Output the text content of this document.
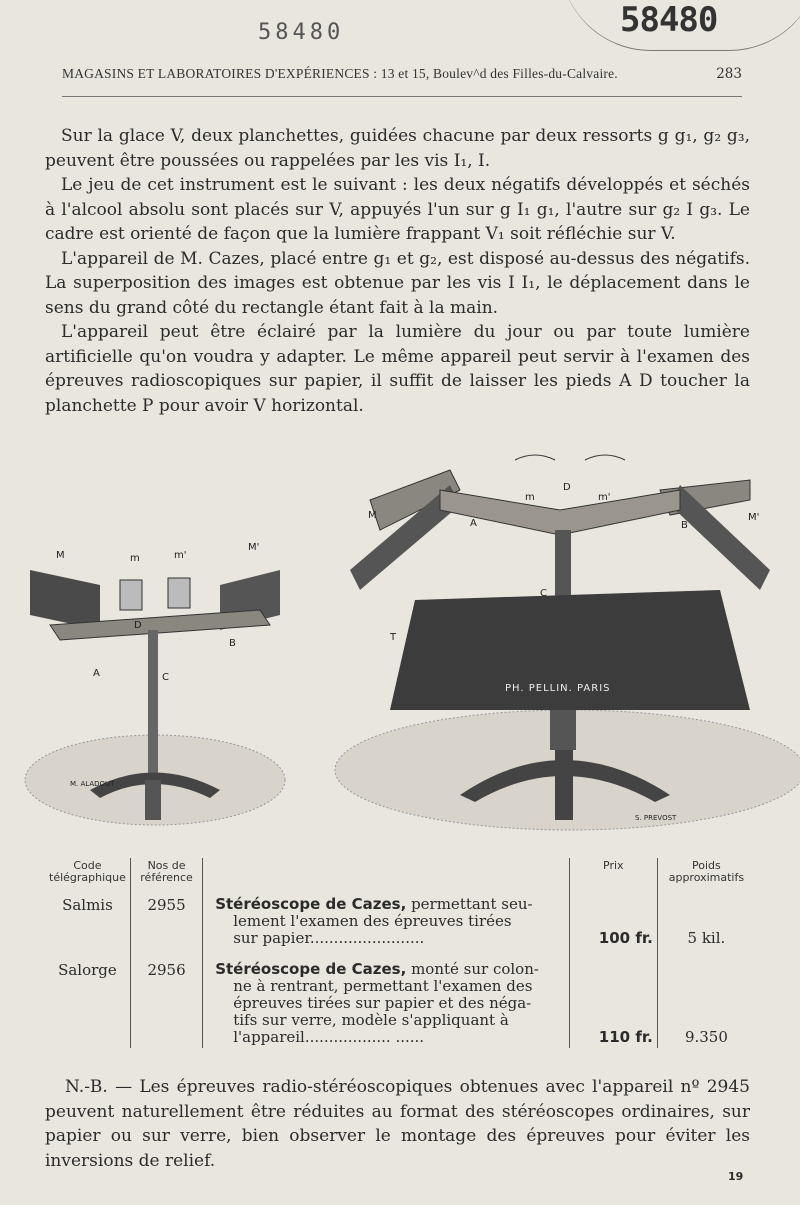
58480	58480
MAGASINS ET LABORATOIRES D'EXPÉRIENCES : 13 et 15, Boulev^d des Filles-du-Calvaire.	283

Sur la glace V, deux planchettes, guidées chacune par deux ressorts g g₁, g₂ g₃, peuvent être poussées ou rappelées par les vis I₁, I.

Le jeu de cet instrument est le suivant : les deux négatifs développés et séchés à l'alcool absolu sont placés sur V, appuyés l'un sur g I₁ g₁, l'autre sur g₂ I g₃. Le cadre est orienté de façon que la lumière frappant V₁ soit réfléchie sur V.

L'appareil de M. Cazes, placé entre g₁ et g₂, est disposé au-dessus des négatifs. La superposition des images est obtenue par les vis I I₁, le déplacement dans le sens du grand côté du rectangle étant fait à la main.

L'appareil peut être éclairé par la lumière du jour ou par toute lumière artificielle qu'on voudra y adapter. Le même appareil peut servir à l'examen des épreuves radioscopiques sur papier, il suffit de laisser les pieds A D toucher la planchette P pour avoir V horizontal.

M	m	m'
M'
A
B
C
D
M. ALADOUT
M
m
D
m'
M'
A	B
C
T
PH. PELLIN. PARIS
S. PREVOST
Code télégraphique	Nos de référence		Prix	Poids approximatifs
Salmis	2955	Stéréoscope de Cazes, permettant seu-
lement l'examen des épreuves tirées
sur papier........................	100 fr.	5 kil.
Salorge	2956	Stéréoscope de Cazes, monté sur colon-
ne à rentrant, permettant l'examen des
épreuves tirées sur papier et des néga-
tifs sur verre, modèle s'appliquant à
l'appareil.................. ......	110 fr.	9.350
N.-B. — Les épreuves radio-stéréoscopiques obtenues avec l'appareil nº 2945 peuvent naturellement être réduites au format des stéréoscopes ordinaires, sur papier ou sur verre, bien observer le montage des épreuves pour éviter les inversions de relief.
19
